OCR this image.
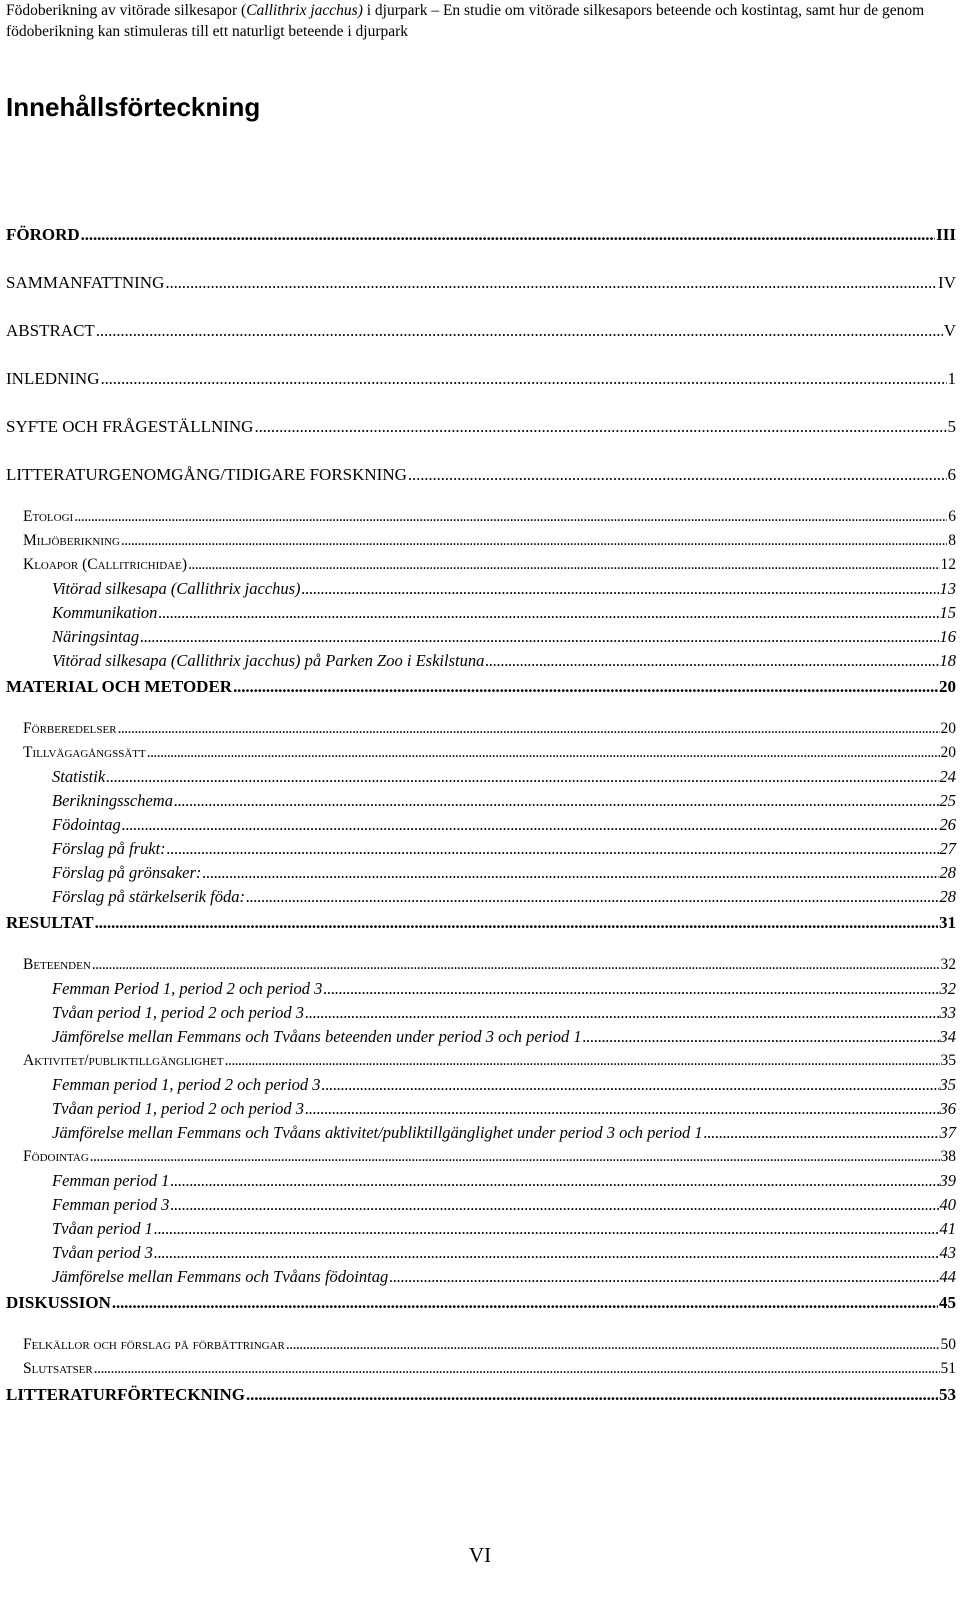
Födoberikning av vitörade silkesapor (Callithrix jacchus) i djurpark – En studie om vitörade silkesapors beteende och kostintag, samt hur de genom födoberikning kan stimuleras till ett naturligt beteende i djurpark
Innehållsförteckning
FÖRORD . . .	III
SAMMANFATTNING . . .	IV
ABSTRACT . . .	V
INLEDNING . . .	1
SYFTE OCH FRÅGESTÄLLNING . . .	5
LITTERATURGENOMGÅNG/TIDIGARE FORSKNING . . .	6
Etologi . . .	6
Miljöberikning . . .	8
Kloapor (Callitrichidae) . . .	12
Vitörad silkesapa (Callithrix jacchus) . . .	13
Kommunikation . . .	15
Näringsintag . . .	16
Vitörad silkesapa (Callithrix jacchus) på Parken Zoo i Eskilstuna . . .	18
MATERIAL OCH METODER . . .	20
Förberedelser . . .	20
Tillvägagångssätt . . .	20
Statistik . . .	24
Berikningsschema . . .	25
Födointag . . .	26
Förslag på frukt: . . .	27
Förslag på grönsaker: . . .	28
Förslag på stärkelserik föda: . . .	28
RESULTAT . . .	31
Beteenden . . .	32
Femman Period 1, period 2 och period 3 . . .	32
Tvåan period 1, period 2 och period 3 . . .	33
Jämförelse mellan Femmans och Tvåans beteenden under period 3 och period 1 . . .	34
Aktivitet/publiktillgänglighet . . .	35
Femman period 1, period 2 och period 3 . . .	35
Tvåan period 1, period 2 och period 3 . . .	36
Jämförelse mellan Femmans och Tvåans aktivitet/publiktillgänglighet under period 3 och period 1 . . .	37
Födointag . . .	38
Femman period 1 . . .	39
Femman period 3 . . .	40
Tvåan period 1 . . .	41
Tvåan period 3 . . .	43
Jämförelse mellan Femmans och Tvåans födointag . . .	44
DISKUSSION . . .	45
Felkällor och förslag på förbättringar . . .	50
Slutsatser . . .	51
LITTERATURFÖRTECKNING . . .	53
VI
